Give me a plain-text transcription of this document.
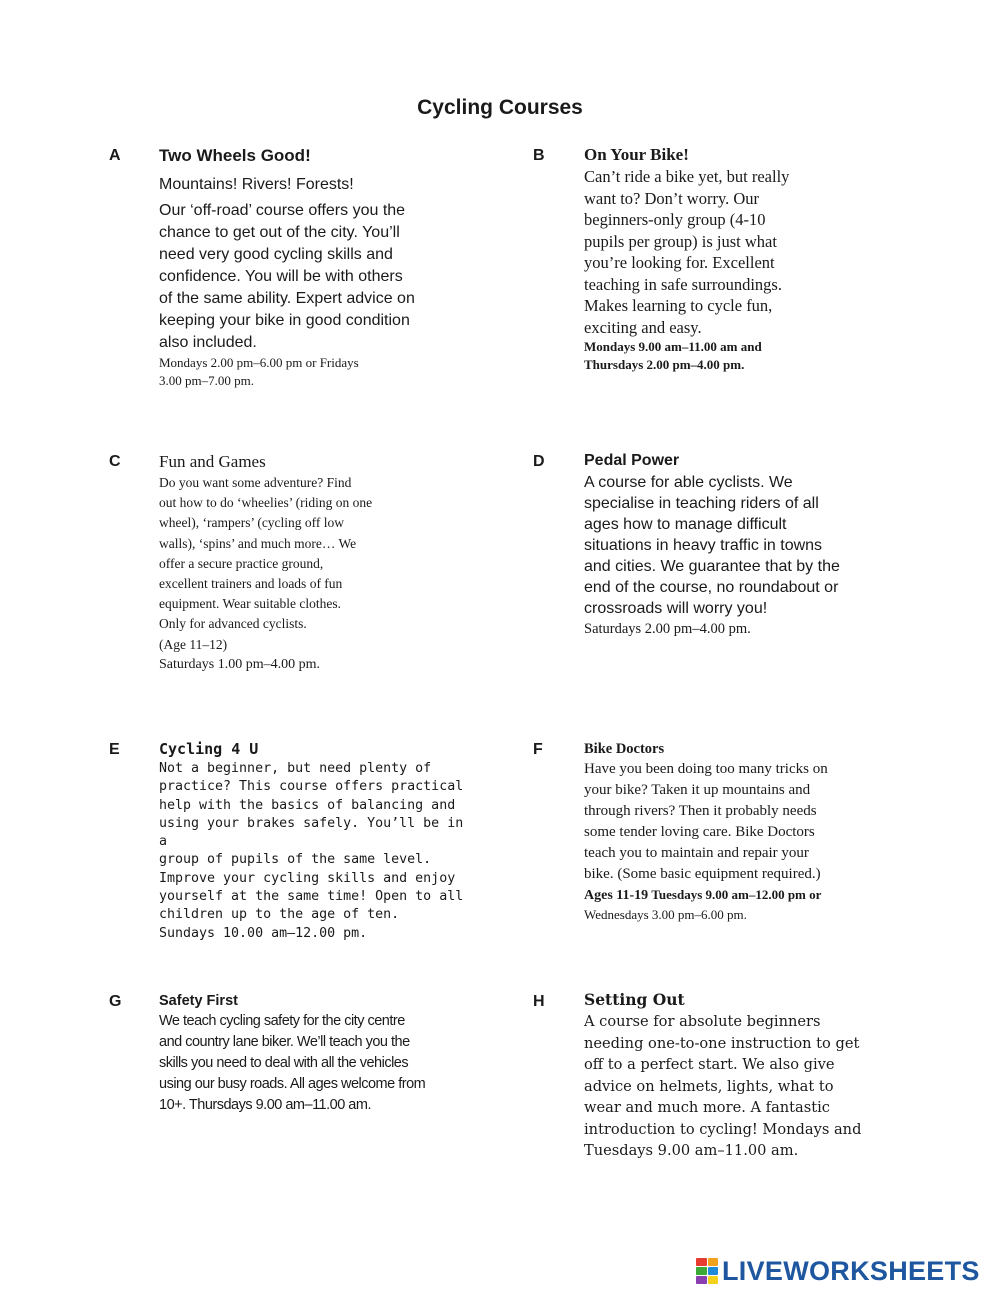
Cycling Courses
A	B
C	D
E	F
G	H

Two Wheels Good!

Mountains! Rivers! Forests!

Our ‘off-road’ course offers you the

chance to get out of the city. You’ll

need very good cycling skills and

confidence. You will be with others

of the same ability. Expert advice on

keeping your bike in good condition

also included.

Mondays 2.00 pm–6.00 pm or Fridays

3.00 pm–7.00 pm.

On Your Bike!

Can’t ride a bike yet, but really

want to? Don’t worry. Our

beginners-only group (4-10

pupils per group) is just what

you’re looking for. Excellent

teaching in safe surroundings.

Makes learning to cycle fun,

exciting and easy.

Mondays 9.00 am–11.00 am and

Thursdays 2.00 pm–4.00 pm.

Fun and Games

Do you want some adventure? Find

out how to do ‘wheelies’ (riding on one

wheel), ‘rampers’ (cycling off low

walls), ‘spins’ and much more… We

offer a secure practice ground,

excellent trainers and loads of fun

equipment. Wear suitable clothes.

Only for advanced cyclists.

(Age 11–12)

Saturdays 1.00 pm–4.00 pm.

Pedal Power

A course for able cyclists. We

specialise in teaching riders of all

ages how to manage difficult

situations in heavy traffic in towns

and cities. We guarantee that by the

end of the course, no roundabout or

crossroads will worry you!

Saturdays 2.00 pm–4.00 pm.

Cycling 4 U

Not a beginner, but need plenty of

practice? This course offers practical

help with the basics of balancing and

using your brakes safely. You’ll be in a

group of pupils of the same level.

Improve your cycling skills and enjoy

yourself at the same time! Open to all

children up to the age of ten.

Sundays 10.00 am–12.00 pm.

Bike Doctors

Have you been doing too many tricks on

your bike? Taken it up mountains and

through rivers? Then it probably needs

some tender loving care. Bike Doctors

teach you to maintain and repair your

bike. (Some basic equipment required.)

Ages 11-19 Tuesdays 9.00 am–12.00 pm or

Wednesdays 3.00 pm–6.00 pm.

Safety First

We teach cycling safety for the city centre

and country lane biker. We’ll teach you the

skills you need to deal with all the vehicles

using our busy roads. All ages welcome from

10+. Thursdays 9.00 am–11.00 am.

Setting Out

A course for absolute beginners

needing one-to-one instruction to get

off to a perfect start. We also give

advice on helmets, lights, what to

wear and much more. A fantastic

introduction to cycling! Mondays and

Tuesdays 9.00 am–11.00 am.

LIVEWORKSHEETS
